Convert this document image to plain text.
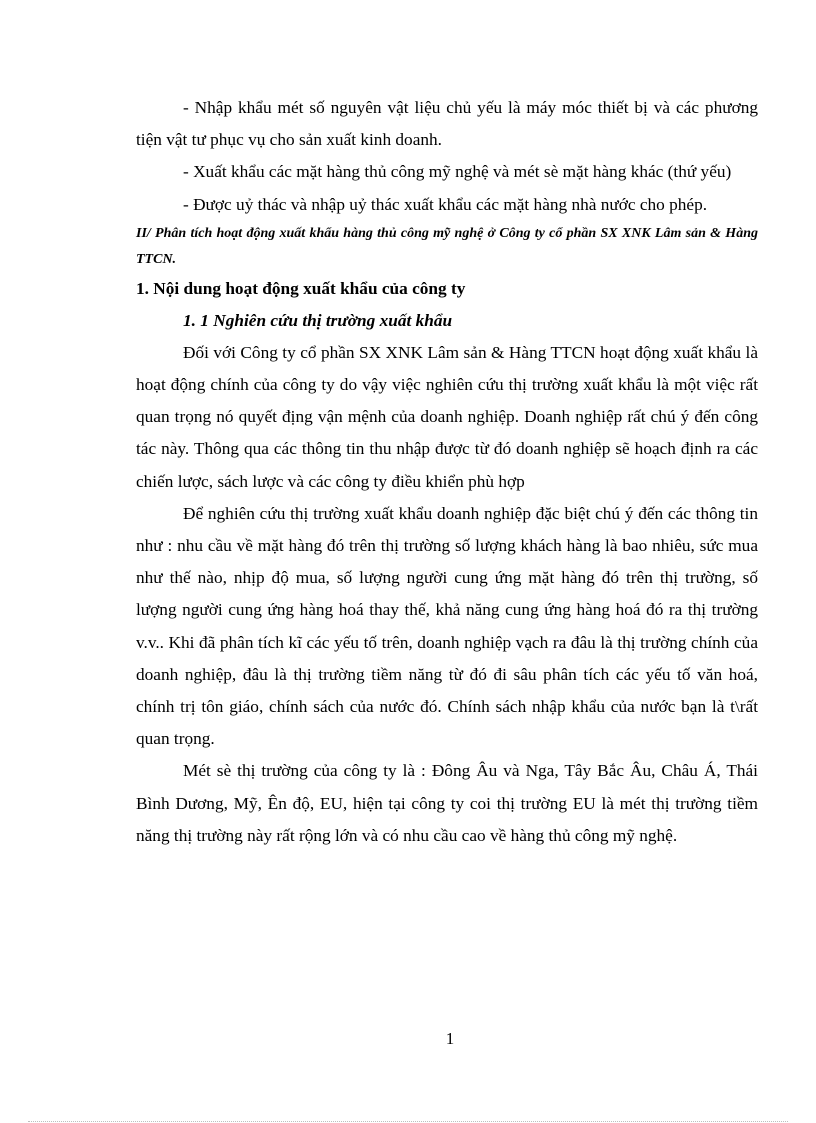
- Nhập khẩu mét số nguyên vật liệu chủ yếu là máy móc thiết bị và các phương tiện vật tư phục vụ cho sản xuất kinh doanh.

- Xuất khẩu các mặt hàng thủ công mỹ nghệ và mét sè mặt hàng khác (thứ yếu)

- Được uỷ thác và nhập uỷ thác xuất khẩu các mặt hàng nhà nước cho phép.

II/ Phân tích hoạt động xuất khẩu hàng thủ công mỹ nghệ ở Công ty cổ phần SX XNK Lâm sản & Hàng TTCN.

1. Nội dung hoạt động xuất khẩu của công ty

1. 1 Nghiên cứu thị trường xuất khẩu

Đối với Công ty cổ phần SX XNK Lâm sản & Hàng TTCN hoạt động xuất khẩu là hoạt động chính của công ty do vậy việc nghiên cứu thị trường xuất khẩu là một việc rất quan trọng nó quyết địng vận mệnh của doanh nghiệp. Doanh nghiệp rất chú ý đến công tác này. Thông qua các thông tin thu nhập được từ đó doanh nghiệp sẽ hoạch định ra các chiến lược, sách lược và các công ty điều khiển phù hợp

Để nghiên cứu thị trường xuất khẩu doanh nghiệp đặc biệt chú ý đến các thông tin như : nhu cầu về mặt hàng đó trên thị trường số lượng khách hàng là bao nhiêu, sức mua như thế nào, nhịp độ mua, số lượng người cung ứng mặt hàng đó trên thị trường, số lượng người cung ứng hàng hoá thay thế, khả năng cung ứng hàng hoá đó ra thị trường v.v.. Khi đã phân tích kĩ các yếu tố trên, doanh nghiệp vạch ra đâu là thị trường chính của doanh nghiệp, đâu là thị trường tiềm năng từ đó đi sâu phân tích các yếu tố văn hoá, chính trị tôn giáo, chính sách của nước đó. Chính sách nhập khẩu của nước bạn là t\rất quan trọng.

Mét sè thị trường của công ty là : Đông Âu và Nga, Tây Bắc Âu, Châu Á, Thái Bình Dương, Mỹ, Ên độ, EU, hiện tại công ty coi thị trường EU là mét thị trường tiềm năng thị trường này rất rộng lớn và có nhu cầu cao về hàng thủ công mỹ nghệ.

1
